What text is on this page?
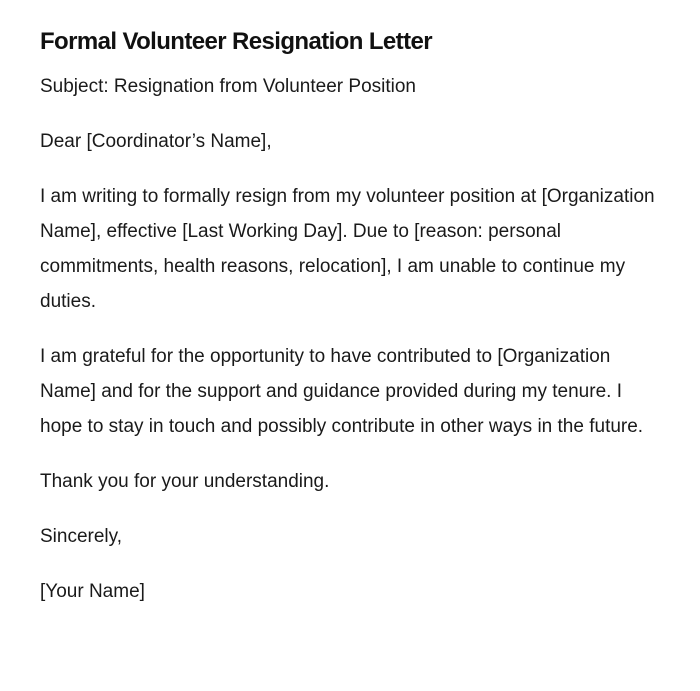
Formal Volunteer Resignation Letter

Subject: Resignation from Volunteer Position

Dear [Coordinator’s Name],

I am writing to formally resign from my volunteer position at [Organization Name], effective [Last Working Day]. Due to [reason: personal commitments, health reasons, relocation], I am unable to continue my duties.

I am grateful for the opportunity to have contributed to [Organization Name] and for the support and guidance provided during my tenure. I hope to stay in touch and possibly contribute in other ways in the future.

Thank you for your understanding.

Sincerely,

[Your Name]
